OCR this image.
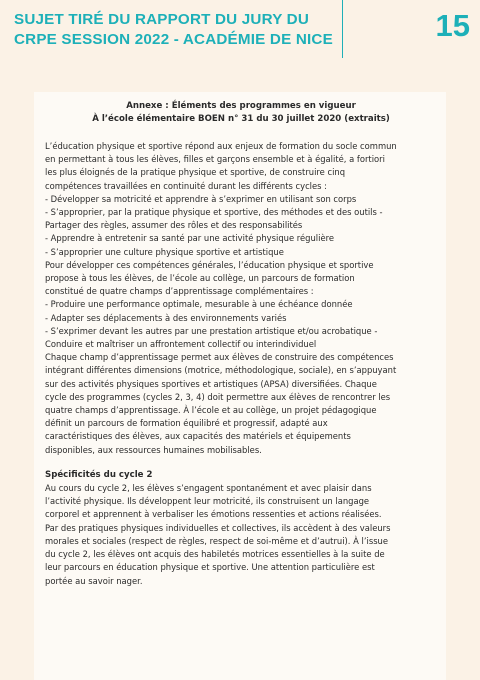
SUJET TIRÉ DU RAPPORT DU JURY DU CRPE SESSION 2022 - ACADÉMIE DE NICE	15
Annexe : Éléments des programmes en vigueur
À l’école élémentaire BOEN n° 31 du 30 juillet 2020 (extraits)
L’éducation physique et sportive répond aux enjeux de formation du socle commun
en permettant à tous les élèves, filles et garçons ensemble et à égalité, a fortiori
les plus éloignés de la pratique physique et sportive, de construire cinq
compétences travaillées en continuité durant les différents cycles :
- Développer sa motricité et apprendre à s’exprimer en utilisant son corps
- S’approprier, par la pratique physique et sportive, des méthodes et des outils -
Partager des règles, assumer des rôles et des responsabilités
- Apprendre à entretenir sa santé par une activité physique régulière
- S’approprier une culture physique sportive et artistique
Pour développer ces compétences générales, l’éducation physique et sportive
propose à tous les élèves, de l’école au collège, un parcours de formation
constitué de quatre champs d’apprentissage complémentaires :
- Produire une performance optimale, mesurable à une échéance donnée
- Adapter ses déplacements à des environnements variés
- S’exprimer devant les autres par une prestation artistique et/ou acrobatique -
Conduire et maîtriser un affrontement collectif ou interindividuel
Chaque champ d’apprentissage permet aux élèves de construire des compétences
intégrant différentes dimensions (motrice, méthodologique, sociale), en s’appuyant
sur des activités physiques sportives et artistiques (APSA) diversifiées. Chaque
cycle des programmes (cycles 2, 3, 4) doit permettre aux élèves de rencontrer les
quatre champs d’apprentissage. À l’école et au collège, un projet pédagogique
définit un parcours de formation équilibré et progressif, adapté aux
caractéristiques des élèves, aux capacités des matériels et équipements
disponibles, aux ressources humaines mobilisables.
Spécificités du cycle 2
Au cours du cycle 2, les élèves s’engagent spontanément et avec plaisir dans
l’activité physique. Ils développent leur motricité, ils construisent un langage
corporel et apprennent à verbaliser les émotions ressenties et actions réalisées.
Par des pratiques physiques individuelles et collectives, ils accèdent à des valeurs
morales et sociales (respect de règles, respect de soi-même et d’autrui). À l’issue
du cycle 2, les élèves ont acquis des habiletés motrices essentielles à la suite de
leur parcours en éducation physique et sportive. Une attention particulière est
portée au savoir nager.
